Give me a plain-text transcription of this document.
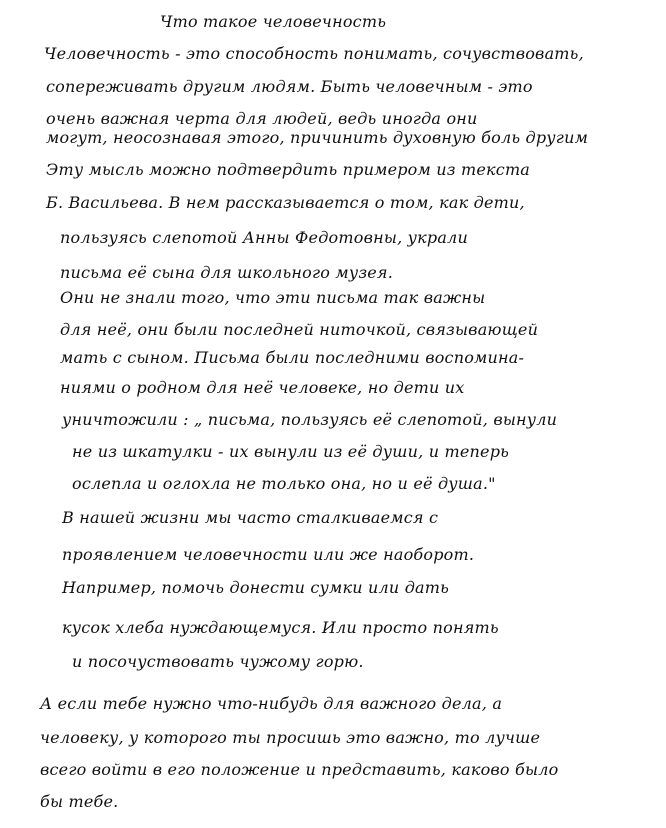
Что такое человечность
Человечность - это способность понимать, сочувствовать,
сопереживать другим людям. Быть человечным - это
очень важная черта для людей, ведь иногда они
могут, неосознавая этого, причинить духовную боль другим
Эту мысль можно подтвердить примером из текста
Б. Васильева. В нем рассказывается о том, как дети,
пользуясь слепотой Анны Федотовны, украли
письма её сына для школьного музея.
Они не знали того, что эти письма так важны
для неё, они были последней ниточкой, связывающей
мать с сыном. Письма были последними воспомина-
ниями о родном для неё человеке, но дети их
уничтожили : „ письма, пользуясь её слепотой, вынули
не из шкатулки - их вынули из её души, и теперь
ослепла и оглохла не только она, но и её душа."
В нашей жизни мы часто сталкиваемся с
проявлением человечности или же наоборот.
Например, помочь донести сумки или дать
кусок хлеба нуждающемуся. Или просто понять
и посочуствовать чужому горю.
А если тебе нужно что-нибудь для важного дела, а
человеку, у которого ты просишь это важно, то лучше
всего войти в его положение и представить, каково было
бы тебе.
